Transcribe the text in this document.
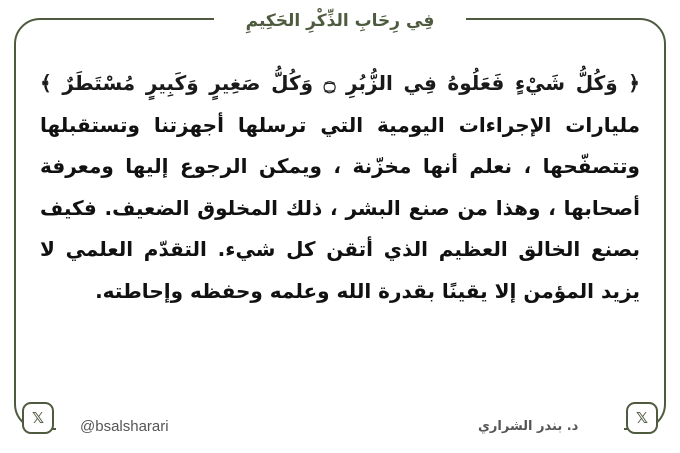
فِي رِحَابِ الذِّكْرِ الحَكِيمِ
﴿ وَكُلُّ شَيْءٍ فَعَلُوهُ فِي الزُّبُرِ ۝ وَكُلُّ صَغِيرٍ وَكَبِيرٍ مُسْتَطَرٌ ﴾ مليارات الإجراءات اليومية التي ترسلها أجهزتنا وتستقبلها وتتصفّحها ، نعلم أنها مخزّنة ، ويمكن الرجوع إليها ومعرفة أصحابها ، وهذا من صنع البشر ، ذلك المخلوق الضعيف. فكيف بصنع الخالق العظيم الذي أتقن كل شيء. التقدّم العلمي لا يزيد المؤمن إلا يقينًا بقدرة الله وعلمه وحفظه وإحاطته.
@bsalsharari	د. بندر الشراري
𝕏	𝕏
